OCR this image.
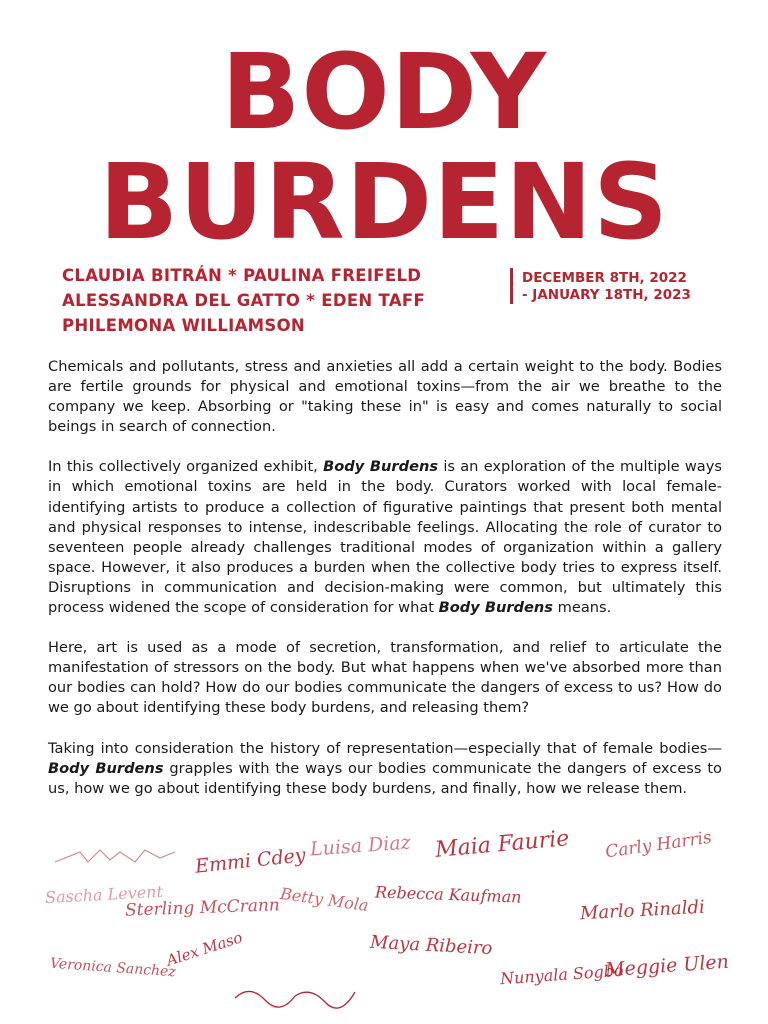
BODY
BURDENS
CLAUDIA BITRÁN * PAULINA FREIFELD
ALESSANDRA DEL GATTO * EDEN TAFF
PHILEMONA WILLIAMSON
DECEMBER 8TH, 2022
- JANUARY 18TH, 2023

Chemicals and pollutants, stress and anxieties all add a certain weight to the body. Bodies are fertile grounds for physical and emotional toxins—from the air we breathe to the company we keep. Absorbing or "taking these in" is easy and comes naturally to social beings in search of connection.

In this collectively organized exhibit, Body Burdens is an exploration of the multiple ways in which emotional toxins are held in the body. Curators worked with local female-identifying artists to produce a collection of figurative paintings that present both mental and physical responses to intense, indescribable feelings. Allocating the role of curator to seventeen people already challenges traditional modes of organization within a gallery space. However, it also produces a burden when the collective body tries to express itself. Disruptions in communication and decision-making were common, but ultimately this process widened the scope of consideration for what Body Burdens means.

Here, art is used as a mode of secretion, transformation, and relief to articulate the manifestation of stressors on the body. But what happens when we've absorbed more than our bodies can hold? How do our bodies communicate the dangers of excess to us? How do we go about identifying these body burdens, and releasing them?

Taking into consideration the history of representation—especially that of female bodies—Body Burdens grapples with the ways our bodies communicate the dangers of excess to us, how we go about identifying these body burdens, and finally, how we release them.

Emmi Cdey Luisa Diaz Maia Faurie Carly Harris
Sascha Levent
Sterling McCrann
Betty Mola Rebecca Kaufman
Marlo Rinaldi
Maya Ribeiro
Veronica Sanchez
Alex Maso
Nunyala Sogbo
Meggie Ulen
